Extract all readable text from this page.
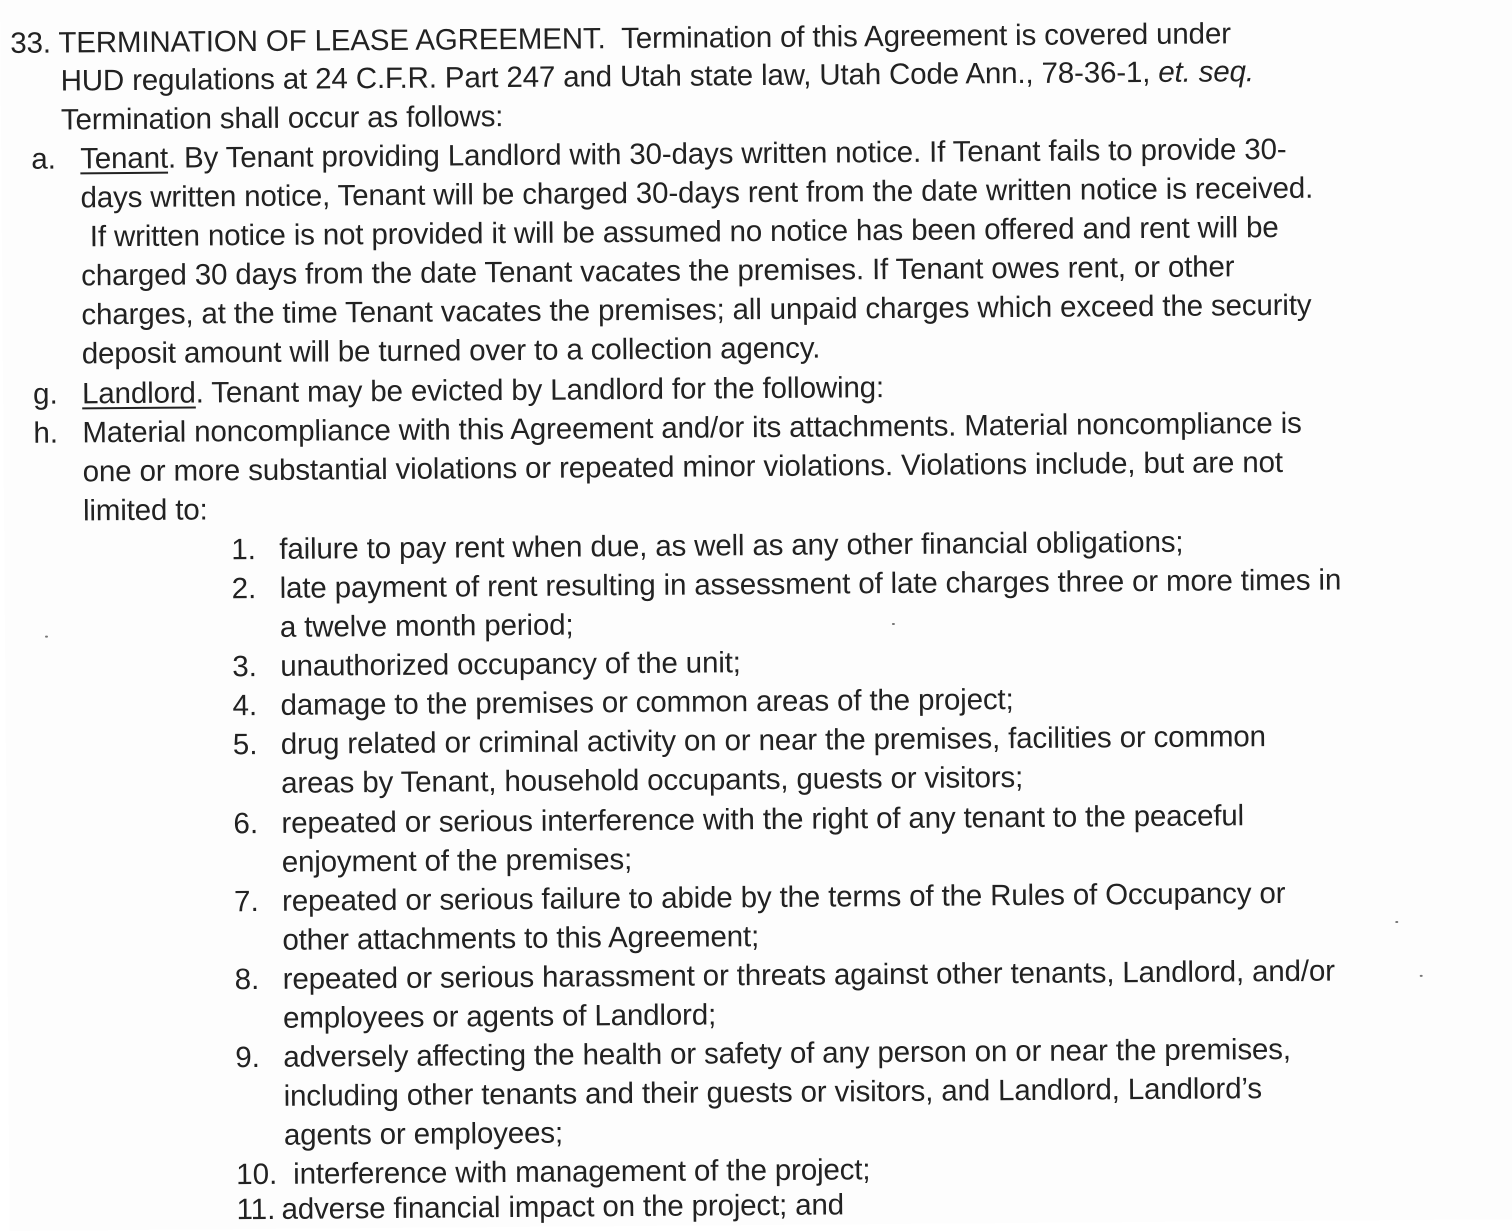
33. TERMINATION OF LEASE AGREEMENT. Termination of this Agreement is covered under
HUD regulations at 24 C.F.R. Part 247 and Utah state law, Utah Code Ann., 78-36-1, et. seq.
Termination shall occur as follows:
a. Tenant. By Tenant providing Landlord with 30-days written notice. If Tenant fails to provide 30-
days written notice, Tenant will be charged 30-days rent from the date written notice is received.
If written notice is not provided it will be assumed no notice has been offered and rent will be
charged 30 days from the date Tenant vacates the premises. If Tenant owes rent, or other
charges, at the time Tenant vacates the premises; all unpaid charges which exceed the security
deposit amount will be turned over to a collection agency.
g. Landlord. Tenant may be evicted by Landlord for the following:
h. Material noncompliance with this Agreement and/or its attachments. Material noncompliance is
one or more substantial violations or repeated minor violations. Violations include, but are not
limited to:
1. failure to pay rent when due, as well as any other financial obligations;
2. late payment of rent resulting in assessment of late charges three or more times in
a twelve month period;
3. unauthorized occupancy of the unit;
4. damage to the premises or common areas of the project;
5. drug related or criminal activity on or near the premises, facilities or common
areas by Tenant, household occupants, guests or visitors;
6. repeated or serious interference with the right of any tenant to the peaceful
enjoyment of the premises;
7. repeated or serious failure to abide by the terms of the Rules of Occupancy or
other attachments to this Agreement;
8. repeated or serious harassment or threats against other tenants, Landlord, and/or
employees or agents of Landlord;
9. adversely affecting the health or safety of any person on or near the premises,
including other tenants and their guests or visitors, and Landlord, Landlord’s
agents or employees;
10. interference with management of the project;
11. adverse financial impact on the project; and
